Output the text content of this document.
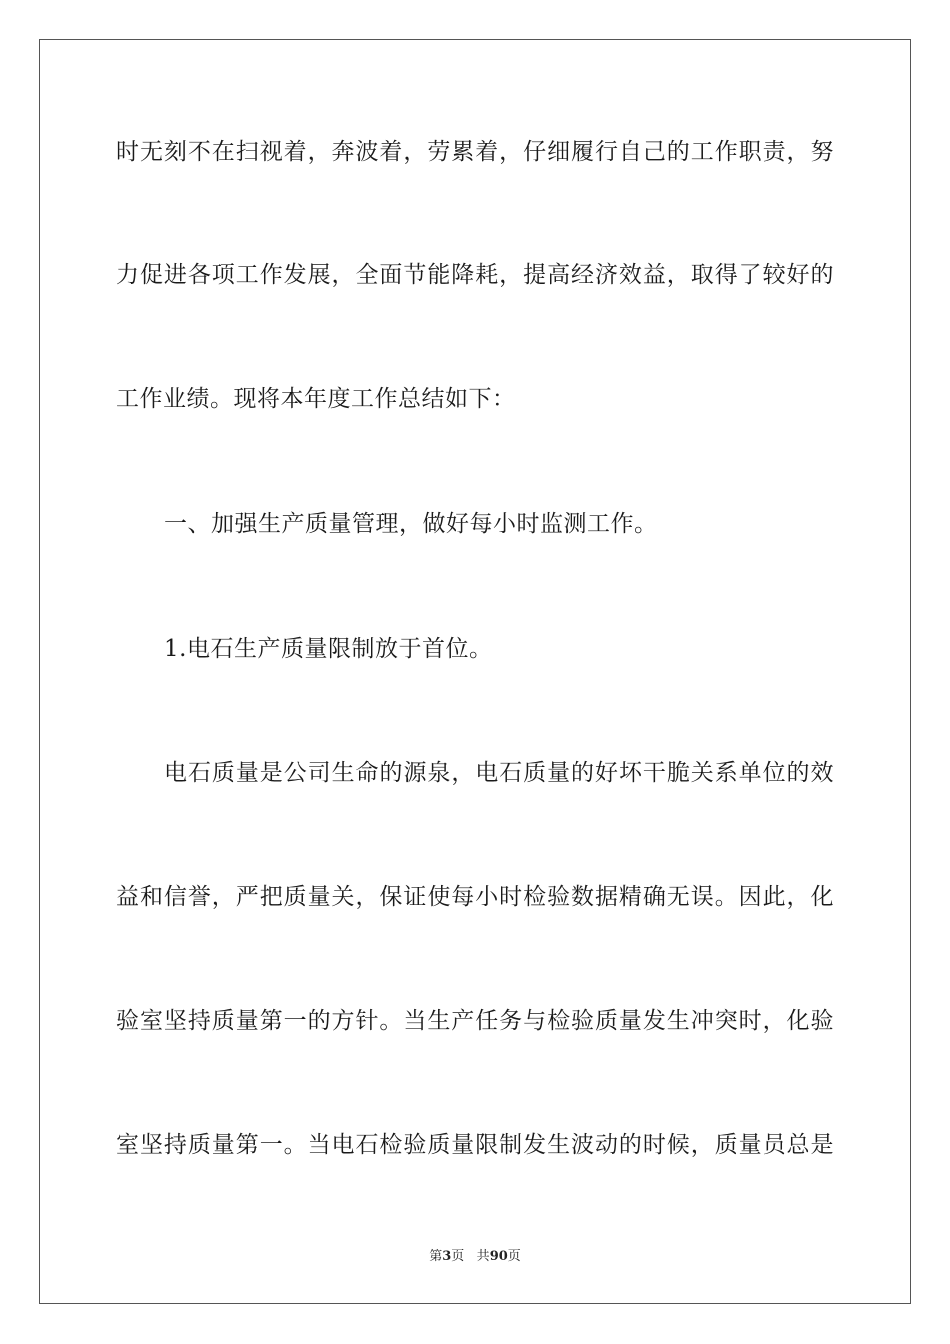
时无刻不在扫视着，奔波着，劳累着，仔细履行自己的工作职责，努
力促进各项工作发展，全面节能降耗，提高经济效益，取得了较好的
工作业绩。现将本年度工作总结如下：
一、加强生产质量管理，做好每小时监测工作。
1.电石生产质量限制放于首位。
电石质量是公司生命的源泉，电石质量的好坏干脆关系单位的效
益和信誉，严把质量关，保证使每小时检验数据精确无误。因此，化
验室坚持质量第一的方针。当生产任务与检验质量发生冲突时，化验
室坚持质量第一。当电石检验质量限制发生波动的时候，质量员总是
第3页 共90页
